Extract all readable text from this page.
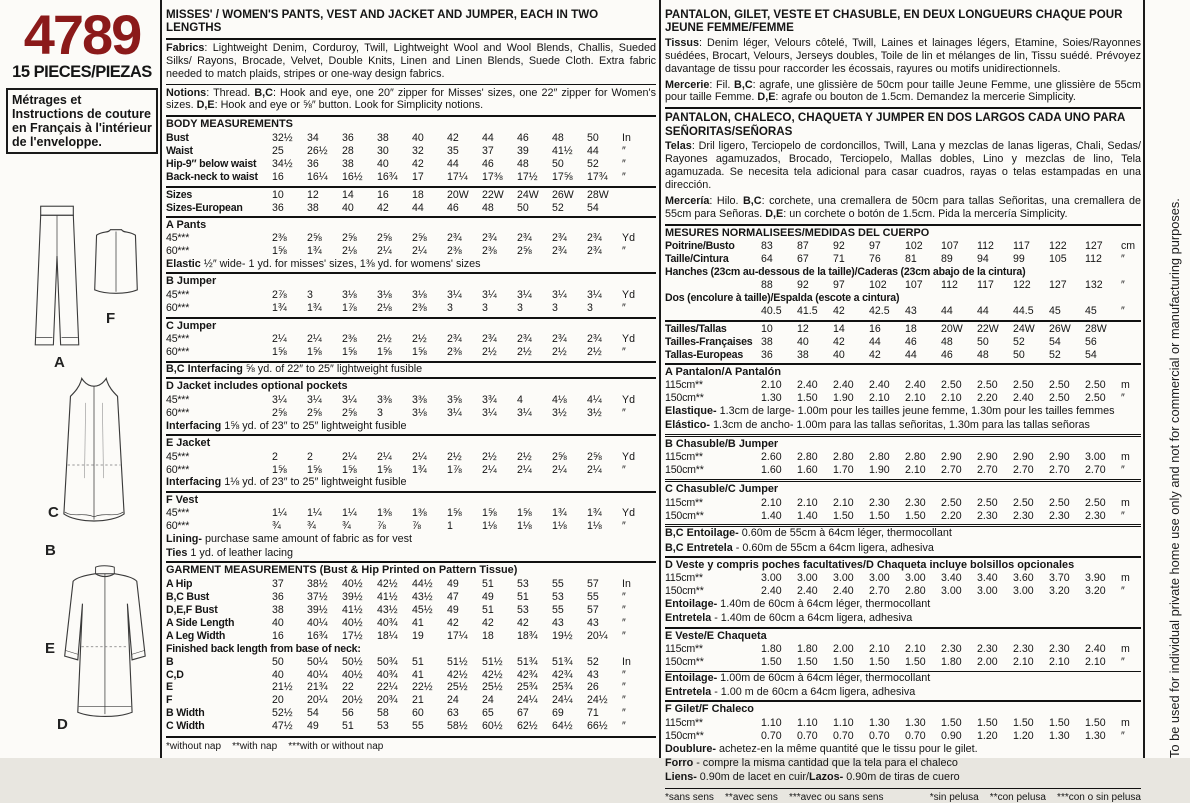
4789
15 PIECES/PIEZAS
Métrages et Instructions de couture en Français à l'intérieur de l'enveloppe.
A
F
C
B
E
D
MISSES' / WOMEN'S PANTS, VEST AND JACKET AND JUMPER, EACH IN TWO LENGTHS

Fabrics: Lightweight Denim, Corduroy, Twill, Lightweight Wool and Wool Blends, Challis, Sueded Silks/ Rayons, Brocade, Velvet, Double Knits, Linen and Linen Blends, Suede Cloth. Extra fabric needed to match plaids, stripes or one-way design fabrics.

Notions: Thread. B,C: Hook and eye, one 20″ zipper for Misses' sizes, one 22″ zipper for Women's sizes. D,E: Hook and eye or ⅝″ button. Look for Simplicity notions.

BODY MEASUREMENTS
Bust	32½	34	36	38	40	42	44	46	48	50	In
Waist	25	26½	28	30	32	35	37	39	41½	44	″
Hip-9″ below waist	34½	36	38	40	42	44	46	48	50	52	″
Back-neck to waist	16	16¼	16½	16¾	17	17¼	17⅜	17½	17⅝	17¾	″
Sizes	10	12	14	16	18	20W	22W	24W	26W	28W
Sizes-European	36	38	40	42	44	46	48	50	52	54
A Pants
45***	2⅜	2⅝	2⅝	2⅝	2⅝	2¾	2¾	2¾	2¾	2¾	Yd
60***	1⅝	1¾	2⅛	2¼	2¼	2⅜	2⅜	2⅝	2¾	2¾	″

Elastic ½″ wide- 1 yd. for misses' sizes, 1⅜ yd. for womens' sizes

B Jumper
45***	2⅞	3	3⅛	3⅛	3⅛	3¼	3¼	3¼	3¼	3¼	Yd
60***	1¾	1¾	1⅞	2⅛	2⅜	3	3	3	3	3	″
C Jumper
45***	2¼	2¼	2⅜	2½	2½	2¾	2¾	2¾	2¾	2¾	Yd
60***	1⅝	1⅝	1⅝	1⅝	1⅝	2⅜	2½	2½	2½	2½	″

B,C Interfacing ⅝ yd. of 22″ to 25″ lightweight fusible

D Jacket includes optional pockets
45***	3¼	3¼	3¼	3⅜	3⅜	3⅝	3¾	4	4⅛	4¼	Yd
60***	2⅝	2⅝	2⅝	3	3⅛	3¼	3¼	3¼	3½	3½	″

Interfacing 1⅝ yd. of 23″ to 25″ lightweight fusible

E Jacket
45***	2	2	2¼	2¼	2¼	2½	2½	2½	2⅝	2⅝	Yd
60***	1⅝	1⅝	1⅝	1⅝	1¾	1⅞	2¼	2¼	2¼	2¼	″

Interfacing 1⅛ yd. of 23″ to 25″ lightweight fusible

F Vest
45***	1¼	1¼	1¼	1⅜	1⅜	1⅝	1⅝	1⅝	1¾	1¾	Yd
60***	¾	¾	¾	⅞	⅞	1	1⅛	1⅛	1⅛	1⅛	″

Lining- purchase same amount of fabric as for vest

Ties 1 yd. of leather lacing

GARMENT MEASUREMENTS (Bust & Hip Printed on Pattern Tissue)
A Hip	37	38½	40½	42½	44½	49	51	53	55	57	In
B,C Bust	36	37½	39½	41½	43½	47	49	51	53	55	″
D,E,F Bust	38	39½	41½	43½	45½	49	51	53	55	57	″
A Side Length	40	40¼	40½	40¾	41	42	42	42	43	43	″
A Leg Width	16	16¾	17½	18¼	19	17¼	18	18¾	19½	20¼	″
Finished back length from base of neck:
B	50	50¼	50½	50¾	51	51½	51½	51¾	51¾	52	In
C,D	40	40¼	40½	40¾	41	42½	42½	42¾	42¾	43	″
E	21½	21¾	22	22¼	22½	25½	25½	25¾	25¾	26	″
F	20	20¼	20½	20¾	21	24	24	24¼	24¼	24½	″
B Width	52½	54	56	58	60	63	65	67	69	71	″
C Width	47½	49	51	53	55	58½	60½	62½	64½	66½	″
*without nap    **with nap    ***with or without nap
PANTALON, GILET, VESTE ET CHASUBLE, EN DEUX LONGUEURS CHAQUE POUR JEUNE FEMME/FEMME

Tissus: Denim léger, Velours côtelé, Twill, Laines et lainages légers, Etamine, Soies/Rayonnes suédées, Brocart, Velours, Jerseys doubles, Toile de lin et mélanges de lin, Tissu suédé. Prévoyez davantage de tissu pour raccorder les écossais, rayures ou motifs unidirectionnels.

Mercerie: Fil. B,C: agrafe, une glissière de 50cm pour taille Jeune Femme, une glissière de 55cm pour taille Femme. D,E: agrafe ou bouton de 1.5cm. Demandez la mercerie Simplicity.

PANTALON, CHALECO, CHAQUETA Y JUMPER EN DOS LARGOS CADA UNO PARA SEÑORITAS/SEÑORAS

Telas: Dril ligero, Terciopelo de cordoncillos, Twill, Lana y mezclas de lanas ligeras, Chali, Sedas/ Rayones agamuzados, Brocado, Terciopelo, Mallas dobles, Lino y mezclas de lino, Tela agamuzada. Se necesita tela adicional para casar cuadros, rayas o telas estampadas en una dirección.

Mercería: Hilo. B,C: corchete, una cremallera de 50cm para tallas Señoritas, una cremallera de 55cm para Señoras. D,E: un corchete o botón de 1.5cm. Pida la mercería Simplicity.

MESURES NORMALISEES/MEDIDAS DEL CUERPO
Poitrine/Busto	83	87	92	97	102	107	112	117	122	127	cm
Taille/Cintura	64	67	71	76	81	89	94	99	105	112	″
Hanches (23cm au-dessous de la taille)/Caderas (23cm abajo de la cintura)
88	92	97	102	107	112	117	122	127	132	″
Dos (encolure à taille)/Espalda (escote a cintura)
40.5	41.5	42	42.5	43	44	44	44.5	45	45	″
Tailles/Tallas	10	12	14	16	18	20W	22W	24W	26W	28W
Tailles-Françaises 38	40	42	44	46	48	50	52	54	56
Tallas-Europeas	36	38	40	42	44	46	48	50	52	54
A Pantalon/A Pantalón
115cm**	2.10	2.40	2.40	2.40	2.40	2.50	2.50	2.50	2.50	2.50	m
150cm**	1.30	1.50	1.90	2.10	2.10	2.10	2.20	2.40	2.50	2.50	″

Elastique- 1.3cm de large- 1.00m pour les tailles jeune femme, 1.30m pour les tailles femmes

Elástico- 1.3cm de ancho- 1.00m para las tallas señoritas, 1.30m para las tallas señoras

B Chasuble/B Jumper
115cm**	2.60	2.80	2.80	2.80	2.80	2.90	2.90	2.90	2.90	3.00	m
150cm**	1.60	1.60	1.70	1.90	2.10	2.70	2.70	2.70	2.70	2.70	″
C Chasuble/C Jumper
115cm**	2.10	2.10	2.10	2.30	2.30	2.50	2.50	2.50	2.50	2.50	m
150cm**	1.40	1.40	1.50	1.50	1.50	2.20	2.30	2.30	2.30	2.30	″

B,C Entoilage- 0.60m de 55cm à 64cm léger, thermocollant

B,C Entretela - 0.60m de 55cm a 64cm ligera, adhesiva

D Veste y compris poches facultatives/D Chaqueta incluye bolsillos opcionales
115cm**	3.00	3.00	3.00	3.00	3.00	3.40	3.40	3.60	3.70	3.90	m
150cm**	2.40	2.40	2.40	2.70	2.80	3.00	3.00	3.00	3.20	3.20	″

Entoilage- 1.40m de 60cm à 64cm léger, thermocollant

Entretela - 1.40m de 60cm a 64cm ligera, adhesiva

E Veste/E Chaqueta
115cm**	1.80	1.80	2.00	2.10	2.10	2.30	2.30	2.30	2.30	2.40	m
150cm**	1.50	1.50	1.50	1.50	1.50	1.80	2.00	2.10	2.10	2.10	″

Entoilage- 1.00m de 60cm à 64cm léger, thermocollant

Entretela - 1.00 m de 60cm a 64cm ligera, adhesiva

F Gilet/F Chaleco
115cm**	1.10	1.10	1.10	1.30	1.30	1.50	1.50	1.50	1.50	1.50	m
150cm**	0.70	0.70	0.70	0.70	0.70	0.90	1.20	1.20	1.30	1.30	″

Doublure- achetez-en la même quantité que le tissu pour le gilet.

Forro - compre la misma cantidad que la tela para el chaleco

Liens- 0.90m de lacet en cuir/Lazos- 0.90m de tiras de cuero

*sans sens    **avec sens    ***avec ou sans sens	*sin pelusa    **con pelusa    ***con o sin pelusa
To be used for individual private home use only and not for commercial or manufacturing purposes.
